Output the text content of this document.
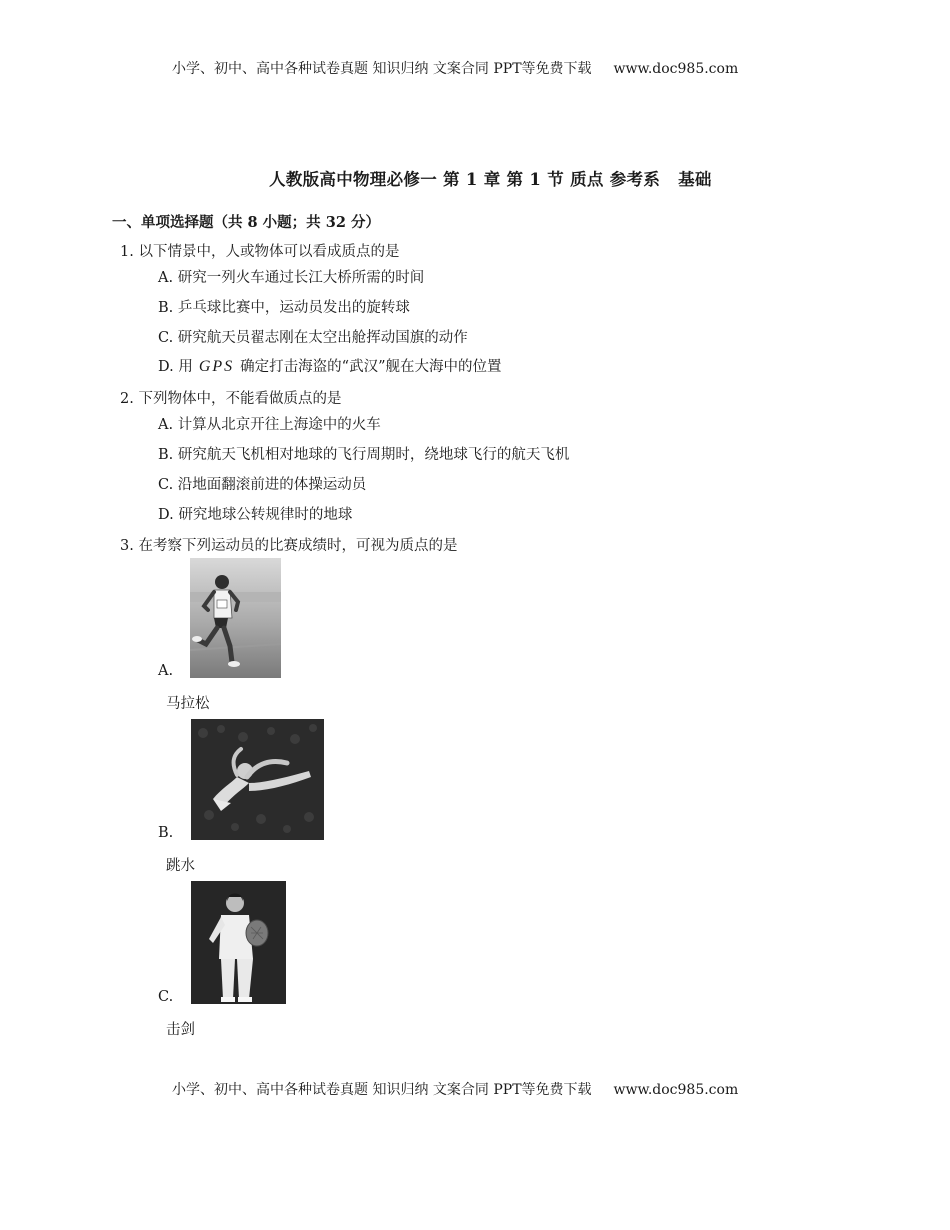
小学、初中、高中各种试卷真题 知识归纳 文案合同 PPT等免费下载 www.doc985.com
人教版高中物理必修一 第 1 章 第 1 节 质点 参考系 基础
一、单项选择题（共 8 小题；共 32 分）
1. 以下情景中，人或物体可以看成质点的是
A. 研究一列火车通过长江大桥所需的时间
B. 乒乓球比赛中，运动员发出的旋转球
C. 研究航天员翟志刚在太空出舱挥动国旗的动作
D. 用 GPS 确定打击海盗的“武汉”舰在大海中的位置
2. 下列物体中，不能看做质点的是
A. 计算从北京开往上海途中的火车
B. 研究航天飞机相对地球的飞行周期时，绕地球飞行的航天飞机
C. 沿地面翻滚前进的体操运动员
D. 研究地球公转规律时的地球
3. 在考察下列运动员的比赛成绩时，可视为质点的是
A.
马拉松
B.
跳水
C.
击剑
小学、初中、高中各种试卷真题 知识归纳 文案合同 PPT等免费下载 www.doc985.com
